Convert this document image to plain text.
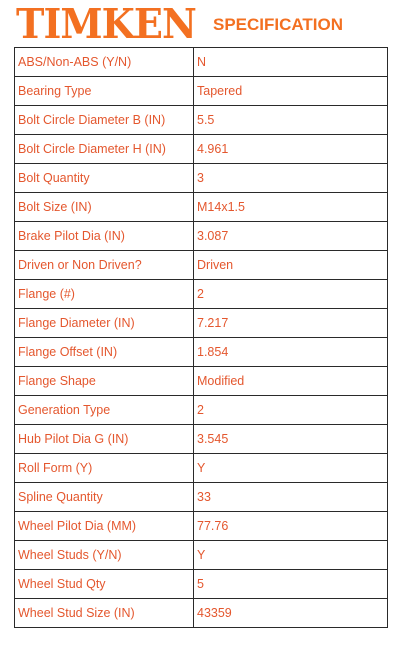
TIMKEN SPECIFICATION
ABS/Non-ABS (Y/N)	N
Bearing Type	Tapered
Bolt Circle Diameter B (IN)	5.5
Bolt Circle Diameter H (IN)	4.961
Bolt Quantity	3
Bolt Size (IN)	M14x1.5
Brake Pilot Dia (IN)	3.087
Driven or Non Driven?	Driven
Flange (#)	2
Flange Diameter (IN)	7.217
Flange Offset (IN)	1.854
Flange Shape	Modified
Generation Type	2
Hub Pilot Dia G (IN)	3.545
Roll Form (Y)	Y
Spline Quantity	33
Wheel Pilot Dia (MM)	77.76
Wheel Studs (Y/N)	Y
Wheel Stud Qty	5
Wheel Stud Size (IN)	43359
